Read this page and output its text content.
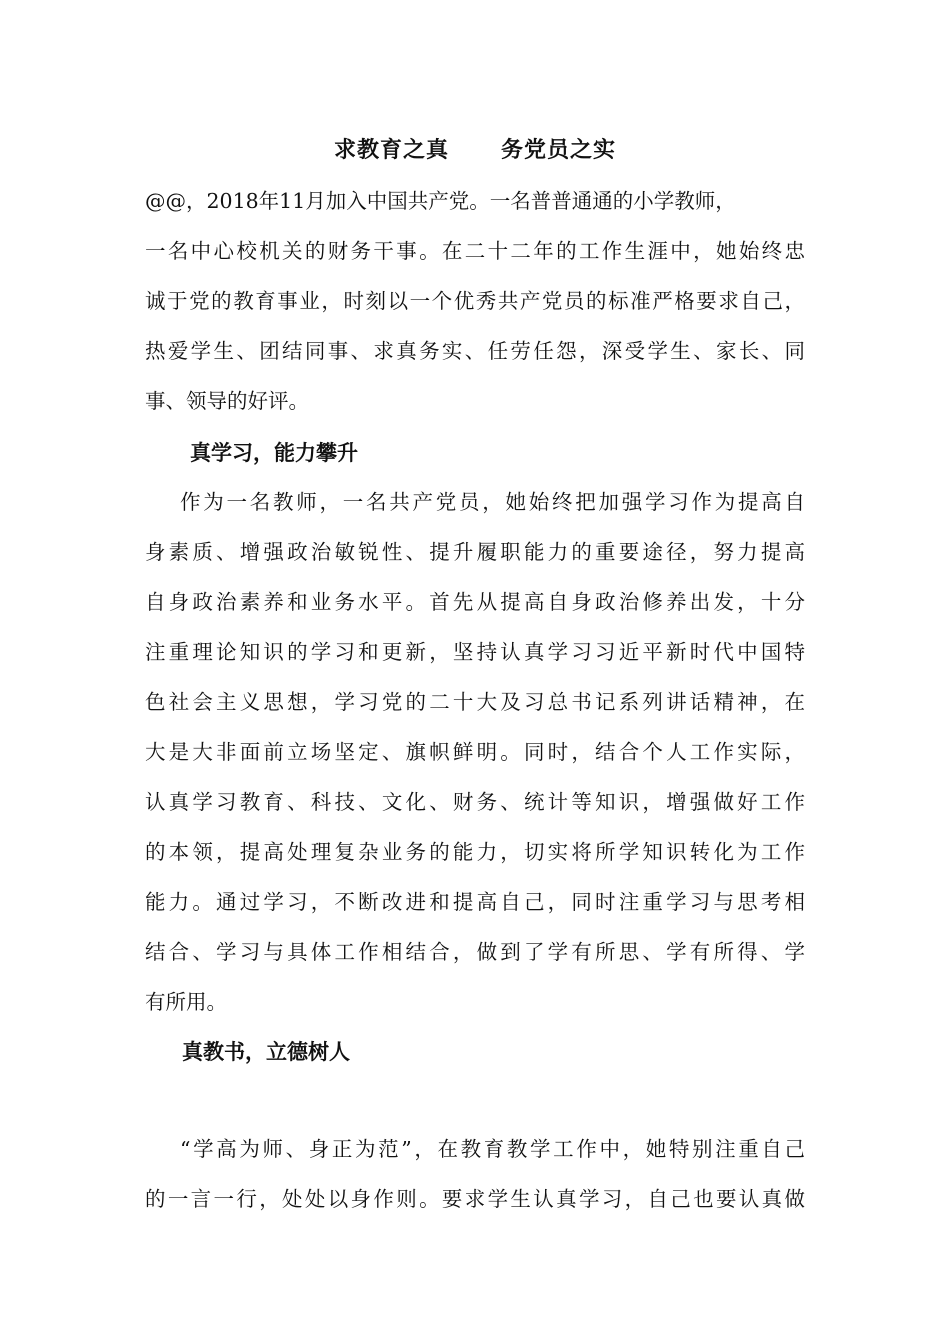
求教育之真      务党员之实
@@，2018年11月加入中国共产党。一名普普通通的小学教师，
一名中心校机关的财务干事。在二十二年的工作生涯中，她始终忠
诚于党的教育事业，时刻以一个优秀共产党员的标准严格要求自己，
热爱学生、团结同事、求真务实、任劳任怨，深受学生、家长、同
事、领导的好评。
真学习，能力攀升
作为一名教师，一名共产党员，她始终把加强学习作为提高自
身素质、增强政治敏锐性、提升履职能力的重要途径，努力提高
自身政治素养和业务水平。首先从提高自身政治修养出发，十分
注重理论知识的学习和更新，坚持认真学习习近平新时代中国特
色社会主义思想，学习党的二十大及习总书记系列讲话精神，在
大是大非面前立场坚定、旗帜鲜明。同时，结合个人工作实际，
认真学习教育、科技、文化、财务、统计等知识，增强做好工作
的本领，提高处理复杂业务的能力，切实将所学知识转化为工作
能力。通过学习，不断改进和提高自己，同时注重学习与思考相
结合、学习与具体工作相结合，做到了学有所思、学有所得、学
有所用。
真教书，立德树人
“学高为师、身正为范”，在教育教学工作中，她特别注重自己
的一言一行，处处以身作则。要求学生认真学习，自己也要认真做
